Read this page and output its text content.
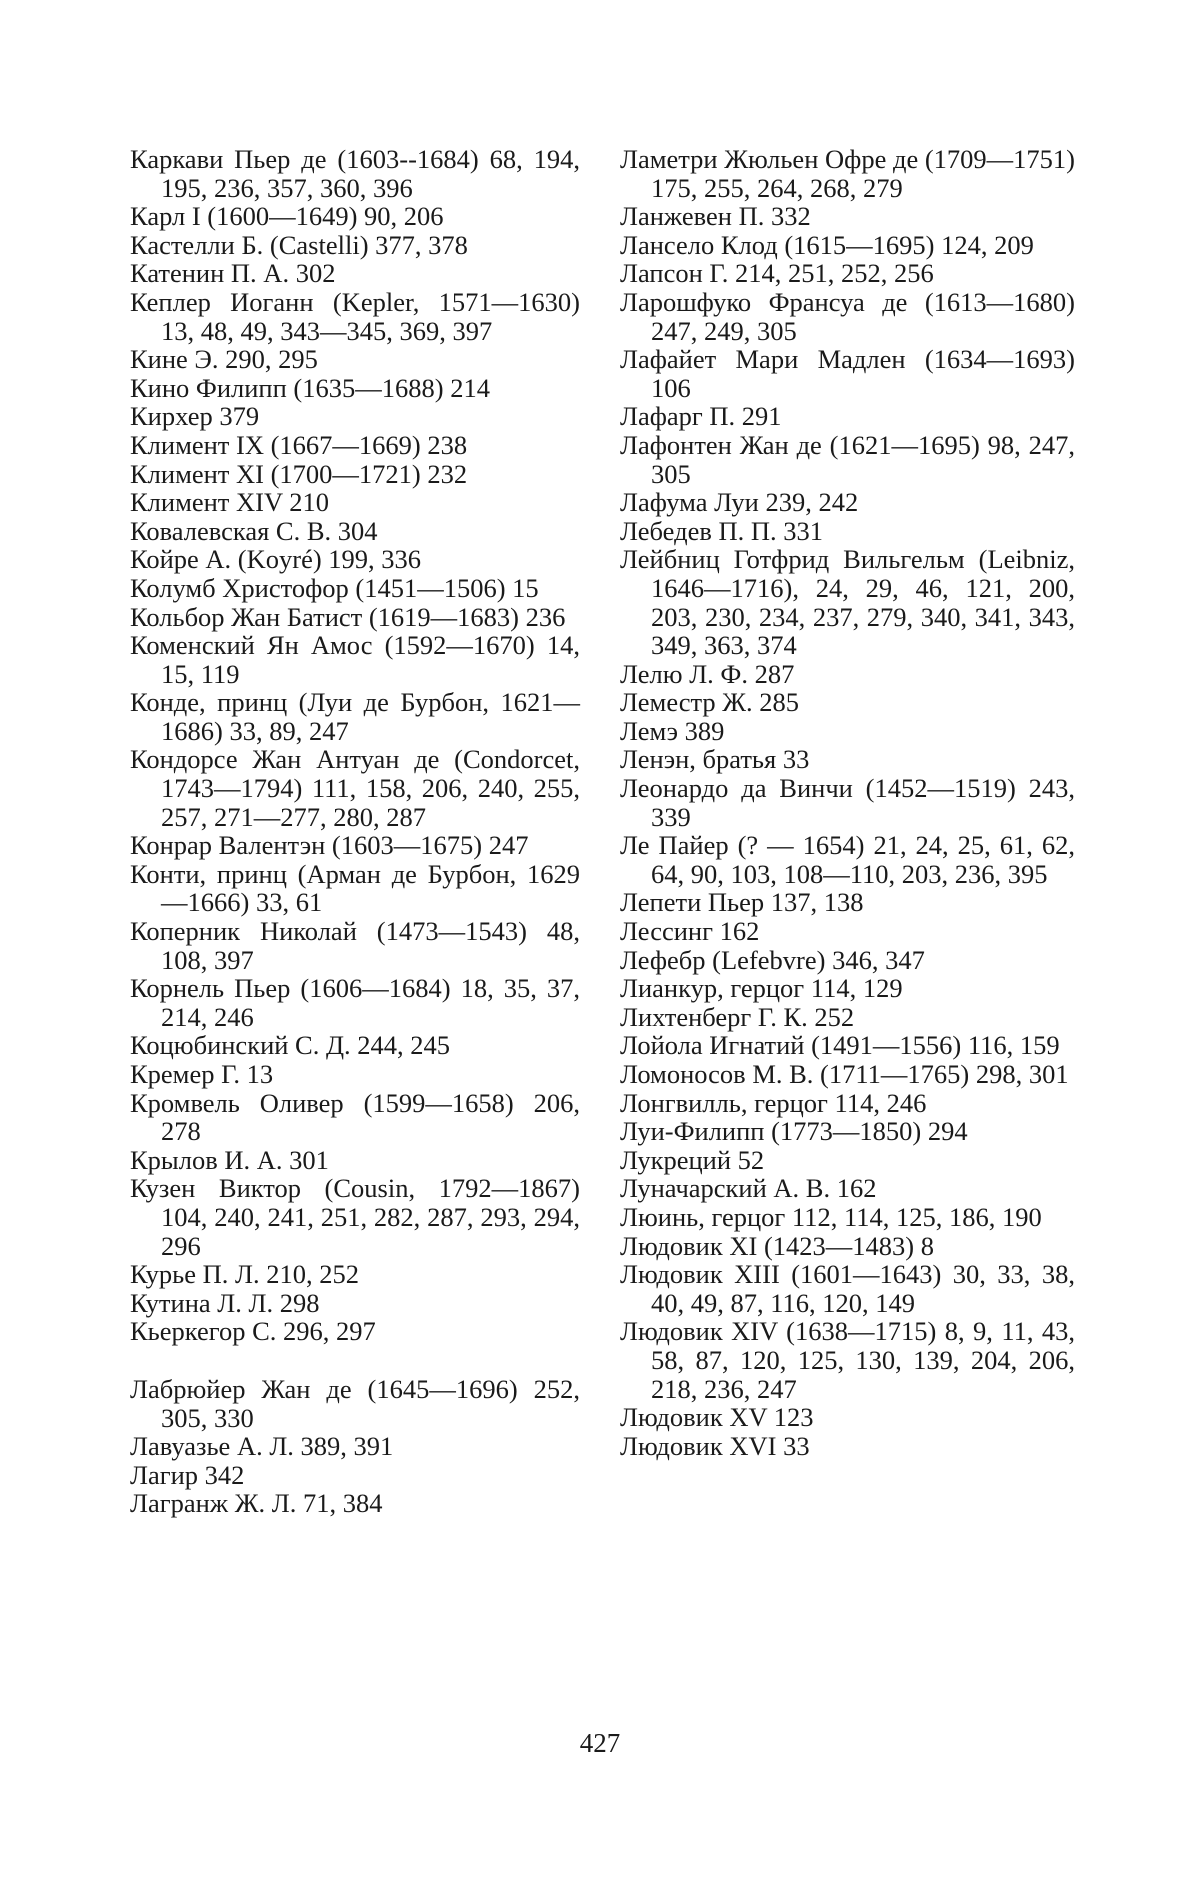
Каркави Пьер де (1603--1684) 68, 194, 195, 236, 357, 360, 396
Карл I (1600—1649) 90, 206
Кастелли Б. (Castelli) 377, 378
Катенин П. А. 302
Кеплер Иоганн (Kepler, 1571—1630) 13, 48, 49, 343—345, 369, 397
Кине Э. 290, 295
Кино Филипп (1635—1688) 214
Кирхер 379
Климент IX (1667—1669) 238
Климент XI (1700—1721) 232
Климент XIV 210
Ковалевская С. В. 304
Койре А. (Koyré) 199, 336
Колумб Христофор (1451—1506) 15
Кольбор Жан Батист (1619—1683) 236
Коменский Ян Амос (1592—1670) 14, 15, 119
Конде, принц (Луи де Бурбон, 1621—1686) 33, 89, 247
Кондорсе Жан Антуан де (Condorcet, 1743—1794) 111, 158, 206, 240, 255, 257, 271—277, 280, 287
Конрар Валентэн (1603—1675) 247
Конти, принц (Арман де Бурбон, 1629—1666) 33, 61
Коперник Николай (1473—1543) 48, 108, 397
Корнель Пьер (1606—1684) 18, 35, 37, 214, 246
Коцюбинский С. Д. 244, 245
Кремер Г. 13
Кромвель Оливер (1599—1658) 206, 278
Крылов И. А. 301
Кузен Виктор (Cousin, 1792—1867) 104, 240, 241, 251, 282, 287, 293, 294, 296
Курье П. Л. 210, 252
Кутина Л. Л. 298
Кьеркегор С. 296, 297
Лабрюйер Жан де (1645—1696) 252, 305, 330
Лавуазье А. Л. 389, 391
Лагир 342
Лагранж Ж. Л. 71, 384
Ламетри Жюльен Офре де (1709—1751) 175, 255, 264, 268, 279
Ланжевен П. 332
Лансело Клод (1615—1695) 124, 209
Лапсон Г. 214, 251, 252, 256
Ларошфуко Франсуа де (1613—1680) 247, 249, 305
Лафайет Мари Мадлен (1634—1693) 106
Лафарг П. 291
Лафонтен Жан де (1621—1695) 98, 247, 305
Лафума Луи 239, 242
Лебедев П. П. 331
Лейбниц Готфрид Вильгельм (Leibniz, 1646—1716), 24, 29, 46, 121, 200, 203, 230, 234, 237, 279, 340, 341, 343, 349, 363, 374
Лелю Л. Ф. 287
Леместр Ж. 285
Лемэ 389
Ленэн, братья 33
Леонардо да Винчи (1452—1519) 243, 339
Ле Пайер (? — 1654) 21, 24, 25, 61, 62, 64, 90, 103, 108—110, 203, 236, 395
Лепети Пьер 137, 138
Лессинг 162
Лефебр (Lefebvre) 346, 347
Лианкур, герцог 114, 129
Лихтенберг Г. К. 252
Лойола Игнатий (1491—1556) 116, 159
Ломоносов М. В. (1711—1765) 298, 301
Лонгвилль, герцог 114, 246
Луи-Филипп (1773—1850) 294
Лукреций 52
Луначарский А. В. 162
Люинь, герцог 112, 114, 125, 186, 190
Людовик XI (1423—1483) 8
Людовик XIII (1601—1643) 30, 33, 38, 40, 49, 87, 116, 120, 149
Людовик XIV (1638—1715) 8, 9, 11, 43, 58, 87, 120, 125, 130, 139, 204, 206, 218, 236, 247
Людовик XV 123
Людовик XVI 33
427
